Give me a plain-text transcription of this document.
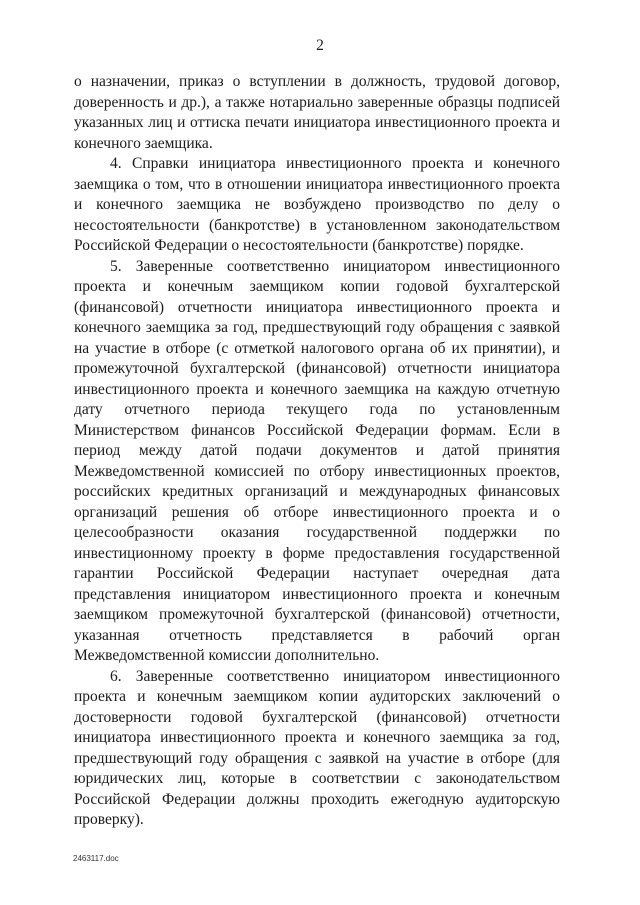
2

о назначении, приказ о вступлении в должность, трудовой договор, доверенность и др.), а также нотариально заверенные образцы подписей указанных лиц и оттиска печати инициатора инвестиционного проекта и конечного заемщика.

4. Справки инициатора инвестиционного проекта и конечного заемщика о том, что в отношении инициатора инвестиционного проекта и конечного заемщика не возбуждено производство по делу о несостоятельности (банкротстве) в установленном законодательством Российской Федерации о несостоятельности (банкротстве) порядке.

5. Заверенные соответственно инициатором инвестиционного проекта и конечным заемщиком копии годовой бухгалтерской (финансовой) отчетности инициатора инвестиционного проекта и конечного заемщика за год, предшествующий году обращения с заявкой на участие в отборе (с отметкой налогового органа об их принятии), и промежуточной бухгалтерской (финансовой) отчетности инициатора инвестиционного проекта и конечного заемщика на каждую отчетную дату отчетного периода текущего года по установленным Министерством финансов Российской Федерации формам. Если в период между датой подачи документов и датой принятия Межведомственной комиссией по отбору инвестиционных проектов, российских кредитных организаций и международных финансовых организаций решения об отборе инвестиционного проекта и о целесообразности оказания государственной поддержки по инвестиционному проекту в форме предоставления государственной гарантии Российской Федерации наступает очередная дата представления инициатором инвестиционного проекта и конечным заемщиком промежуточной бухгалтерской (финансовой) отчетности, указанная отчетность представляется в рабочий орган Межведомственной комиссии дополнительно.

6. Заверенные соответственно инициатором инвестиционного проекта и конечным заемщиком копии аудиторских заключений о достоверности годовой бухгалтерской (финансовой) отчетности инициатора инвестиционного проекта и конечного заемщика за год, предшествующий году обращения с заявкой на участие в отборе (для юридических лиц, которые в соответствии с законодательством Российской Федерации должны проходить ежегодную аудиторскую проверку).

2463117.doc
